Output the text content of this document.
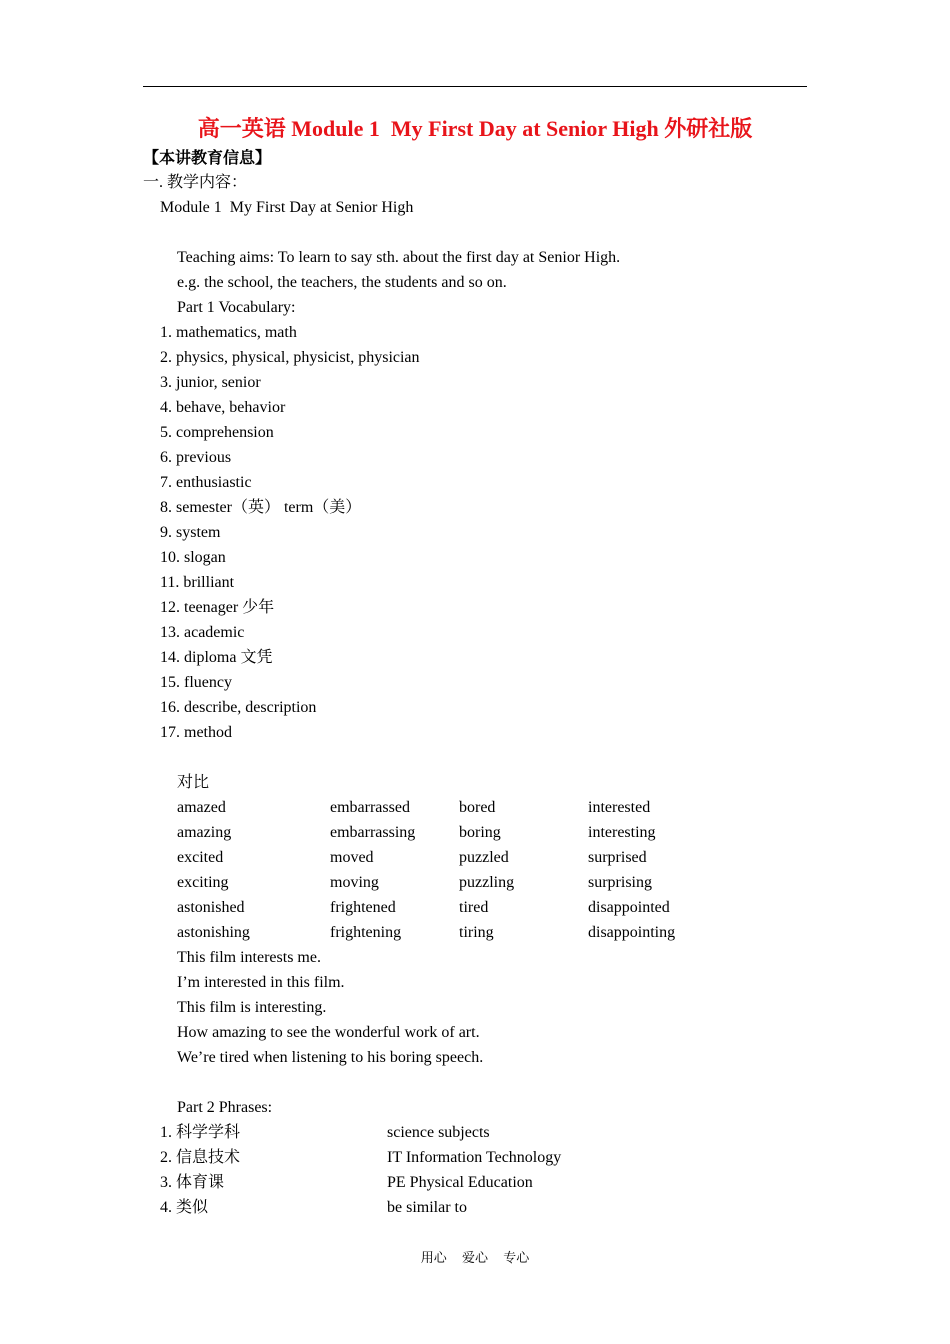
高一英语 Module 1  My First Day at Senior High 外研社版
【本讲教育信息】
一. 教学内容：
Module 1  My First Day at Senior High
Teaching aims: To learn to say sth. about the first day at Senior High.
e.g. the school, the teachers, the students and so on.
Part 1 Vocabulary:
1. mathematics, math
2. physics, physical, physicist, physician
3. junior, senior
4. behave, behavior
5. comprehension
6. previous
7. enthusiastic
8. semester（英） term（美）
9. system
10. slogan
11. brilliant
12. teenager 少年
13. academic
14. diploma 文凭
15. fluency
16. describe, description
17. method
对比
amazed	embarrassed	bored	interested
amazing	embarrassing	boring	interesting
excited	moved	puzzled	surprised
exciting	moving	puzzling	surprising
astonished	frightened	tired	disappointed
astonishing	frightening	tiring	disappointing
This film interests me.
I’m interested in this film.
This film is interesting.
How amazing to see the wonderful work of art.
We’re tired when listening to his boring speech.
Part 2 Phrases:
1. 科学学科	science subjects
2. 信息技术	IT Information Technology
3. 体育课	PE Physical Education
4. 类似	be similar to
用心 爱心 专心
